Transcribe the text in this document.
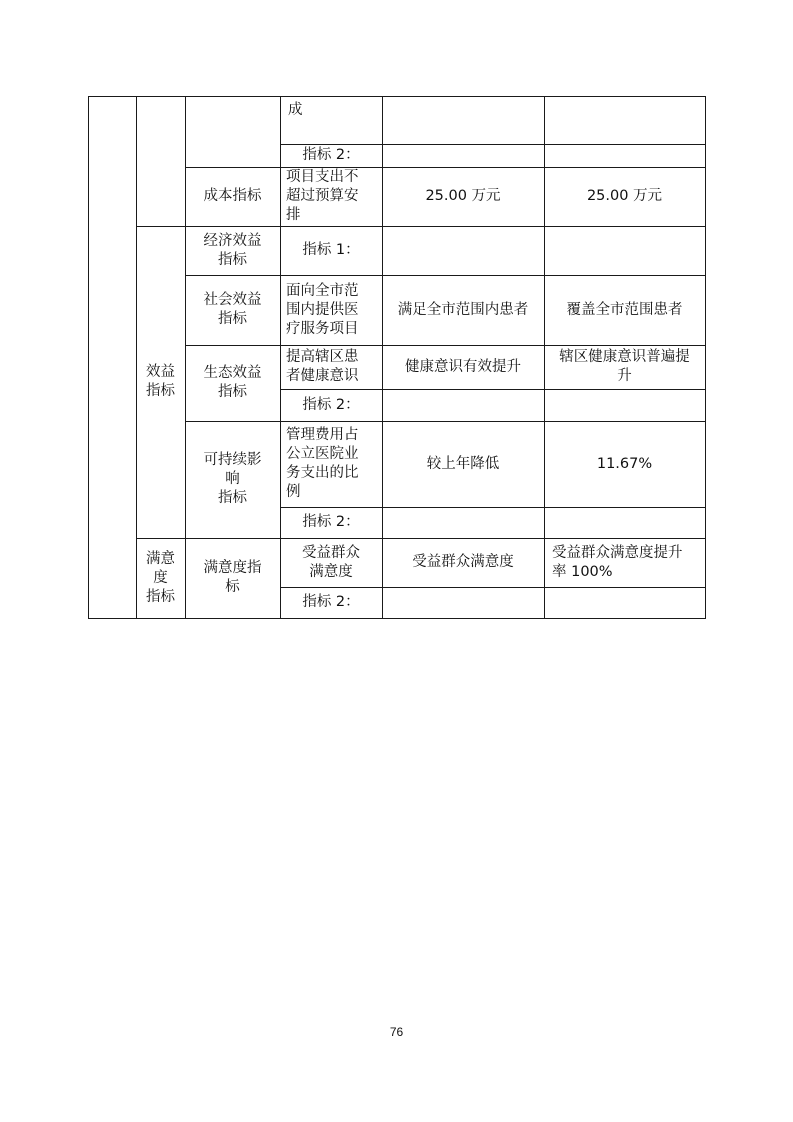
效益
指标
满意
度
指标
成本指标
经济效益
指标
社会效益
指标
生态效益
指标
可持续影
响
指标
满意度指
标
成
指标 2：
项目支出不
超过预算安
排
指标 1：
面向全市范
围内提供医
疗服务项目
提高辖区患
者健康意识
指标 2：
管理费用占
公立医院业
务支出的比
例
指标 2：
受益群众
满意度
指标 2：
25.00 万元
满足全市范围内患者
健康意识有效提升
较上年降低
受益群众满意度
25.00 万元
覆盖全市范围患者
辖区健康意识普遍提
升
11.67%
受益群众满意度提升
率 100%
76
